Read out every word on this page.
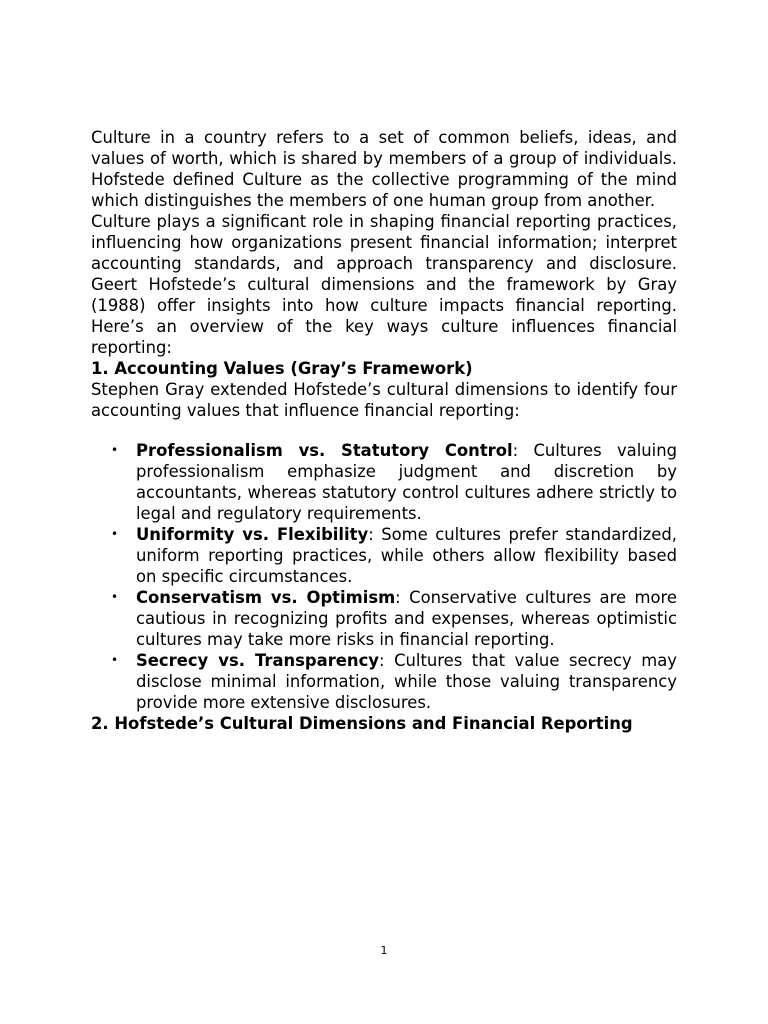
Culture in a country refers to a set of common beliefs, ideas, and values of worth, which is shared by members of a group of individuals. Hofstede defined Culture as the collective programming of the mind which distinguishes the members of one human group from another.

Culture plays a significant role in shaping financial reporting practices, influencing how organizations present financial information; interpret accounting standards, and approach transparency and disclosure. Geert Hofstede’s cultural dimensions and the framework by Gray (1988) offer insights into how culture impacts financial reporting. Here’s an overview of the key ways culture influences financial reporting:

1. Accounting Values (Gray’s Framework)

Stephen Gray extended Hofstede’s cultural dimensions to identify four accounting values that influence financial reporting:

• Professionalism vs. Statutory Control: Cultures valuing professionalism emphasize judgment and discretion by accountants, whereas statutory control cultures adhere strictly to legal and regulatory requirements.
• Uniformity vs. Flexibility: Some cultures prefer standardized, uniform reporting practices, while others allow flexibility based on specific circumstances.
• Conservatism vs. Optimism: Conservative cultures are more cautious in recognizing profits and expenses, whereas optimistic cultures may take more risks in financial reporting.
• Secrecy vs. Transparency: Cultures that value secrecy may disclose minimal information, while those valuing transparency provide more extensive disclosures.
2. Hofstede’s Cultural Dimensions and Financial Reporting
1
